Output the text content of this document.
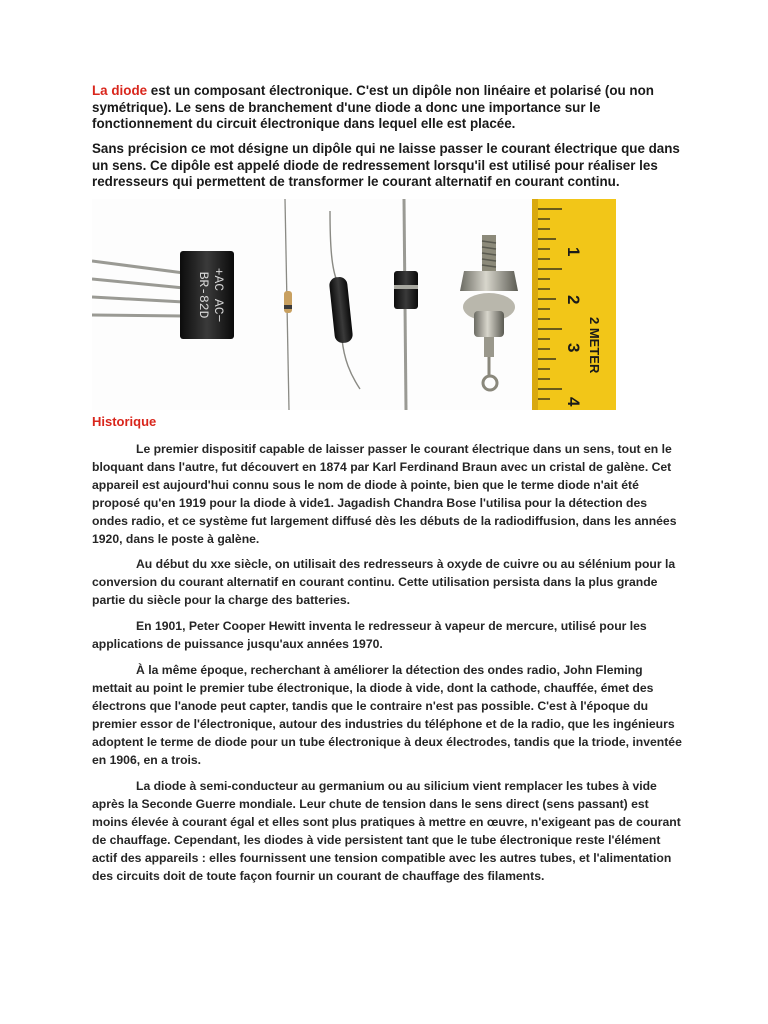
La diode est un composant électronique. C'est un dipôle non linéaire et polarisé (ou non symétrique). Le sens de branchement d'une diode a donc une importance sur le fonctionnement du circuit électronique dans lequel elle est placée.

Sans précision ce mot désigne un dipôle qui ne laisse passer le courant électrique que dans un sens. Ce dipôle est appelé diode de redressement lorsqu'il est utilisé pour réaliser les redresseurs qui permettent de transformer le courant alternatif en courant continu.

BR-82D +AC AC−
1
2
3
4
2 METER
Historique

Le premier dispositif capable de laisser passer le courant électrique dans un sens, tout en le bloquant dans l'autre, fut découvert en 1874 par Karl Ferdinand Braun avec un cristal de galène. Cet appareil est aujourd'hui connu sous le nom de diode à pointe, bien que le terme diode n'ait été proposé qu'en 1919 pour la diode à vide1. Jagadish Chandra Bose l'utilisa pour la détection des ondes radio, et ce système fut largement diffusé dès les débuts de la radiodiffusion, dans les années 1920, dans le poste à galène.

Au début du xxe siècle, on utilisait des redresseurs à oxyde de cuivre ou au sélénium pour la conversion du courant alternatif en courant continu. Cette utilisation persista dans la plus grande partie du siècle pour la charge des batteries.

En 1901, Peter Cooper Hewitt inventa le redresseur à vapeur de mercure, utilisé pour les applications de puissance jusqu'aux années 1970.

À la même époque, recherchant à améliorer la détection des ondes radio, John Fleming mettait au point le premier tube électronique, la diode à vide, dont la cathode, chauffée, émet des électrons que l'anode peut capter, tandis que le contraire n'est pas possible. C'est à l'époque du premier essor de l'électronique, autour des industries du téléphone et de la radio, que les ingénieurs adoptent le terme de diode pour un tube électronique à deux électrodes, tandis que la triode, inventée en 1906, en a trois.

La diode à semi-conducteur au germanium ou au silicium vient remplacer les tubes à vide après la Seconde Guerre mondiale. Leur chute de tension dans le sens direct (sens passant) est moins élevée à courant égal et elles sont plus pratiques à mettre en œuvre, n'exigeant pas de courant de chauffage. Cependant, les diodes à vide persistent tant que le tube électronique reste l'élément actif des appareils : elles fournissent une tension compatible avec les autres tubes, et l'alimentation des circuits doit de toute façon fournir un courant de chauffage des filaments.
